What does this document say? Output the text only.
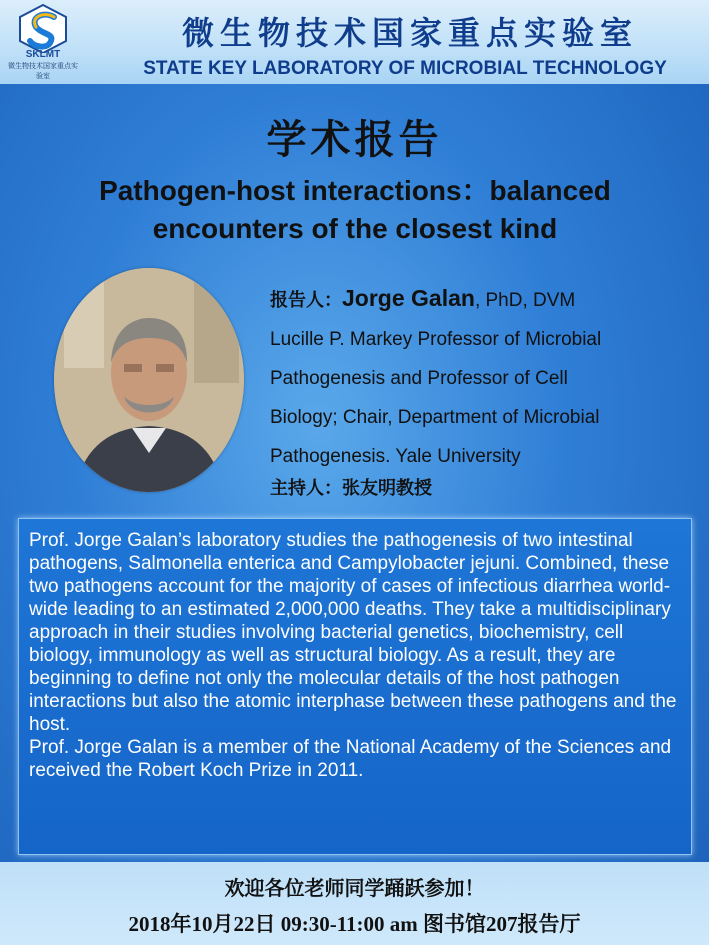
SKLMT
微生物技术国家重点实验室
微生物技术国家重点实验室
STATE KEY LABORATORY OF MICROBIAL TECHNOLOGY
学术报告
Pathogen-host interactions：balanced
encounters of the closest kind
报告人：Jorge Galan, PhD, DVM
Lucille P. Markey Professor of Microbial
Pathogenesis and Professor of Cell
Biology; Chair, Department of Microbial
Pathogenesis. Yale University
主持人：张友明教授

Prof. Jorge Galan’s laboratory studies the pathogenesis of two intestinal pathogens, Salmonella enterica and Campylobacter jejuni. Combined, these two pathogens account for the majority of cases of infectious diarrhea world-wide leading to an estimated 2,000,000 deaths. They take a multidisciplinary approach in their studies involving bacterial genetics, biochemistry, cell biology, immunology as well as structural biology. As a result, they are beginning to define not only the molecular details of the host pathogen interactions but also the atomic interphase between these pathogens and the host.

Prof. Jorge Galan is a member of the National Academy of the Sciences and received the Robert Koch Prize in 2011.

欢迎各位老师同学踊跃参加！
2018年10月22日 09:30-11:00 am 图书馆207报告厅
